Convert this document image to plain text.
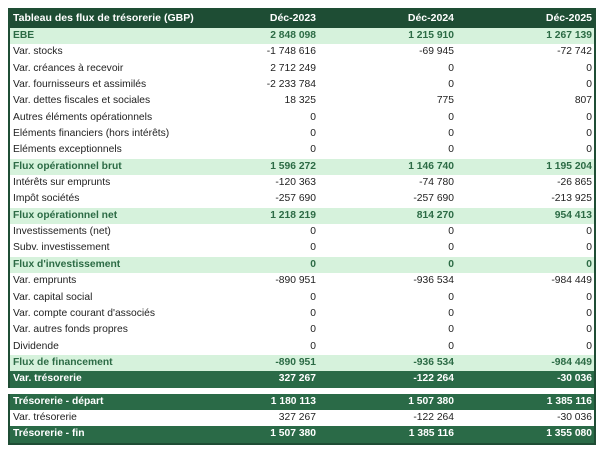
Tableau des flux de trésorerie (GBP)	Déc-2023	Déc-2024	Déc-2025
EBE	2 848 098	1 215 910	1 267 139
Var. stocks	-1 748 616	-69 945	-72 742
Var. créances à recevoir	2 712 249	0	0
Var. fournisseurs et assimilés	-2 233 784	0	0
Var. dettes fiscales et sociales	18 325	775	807
Autres éléments opérationnels	0	0	0
Eléments financiers (hors intérêts)	0	0	0
Eléments exceptionnels	0	0	0
Flux opérationnel brut	1 596 272	1 146 740	1 195 204
Intérêts sur emprunts	-120 363	-74 780	-26 865
Impôt sociétés	-257 690	-257 690	-213 925
Flux opérationnel net	1 218 219	814 270	954 413
Investissements (net)	0	0	0
Subv. investissement	0	0	0
Flux d'investissement	0	0	0
Var. emprunts	-890 951	-936 534	-984 449
Var. capital social	0	0	0
Var. compte courant d'associés	0	0	0
Var. autres fonds propres	0	0	0
Dividende	0	0	0
Flux de financement	-890 951	-936 534	-984 449
Var. trésorerie	327 267	-122 264	-30 036
Trésorerie - départ	1 180 113	1 507 380	1 385 116
Var. trésorerie	327 267	-122 264	-30 036
Trésorerie - fin	1 507 380	1 385 116	1 355 080
